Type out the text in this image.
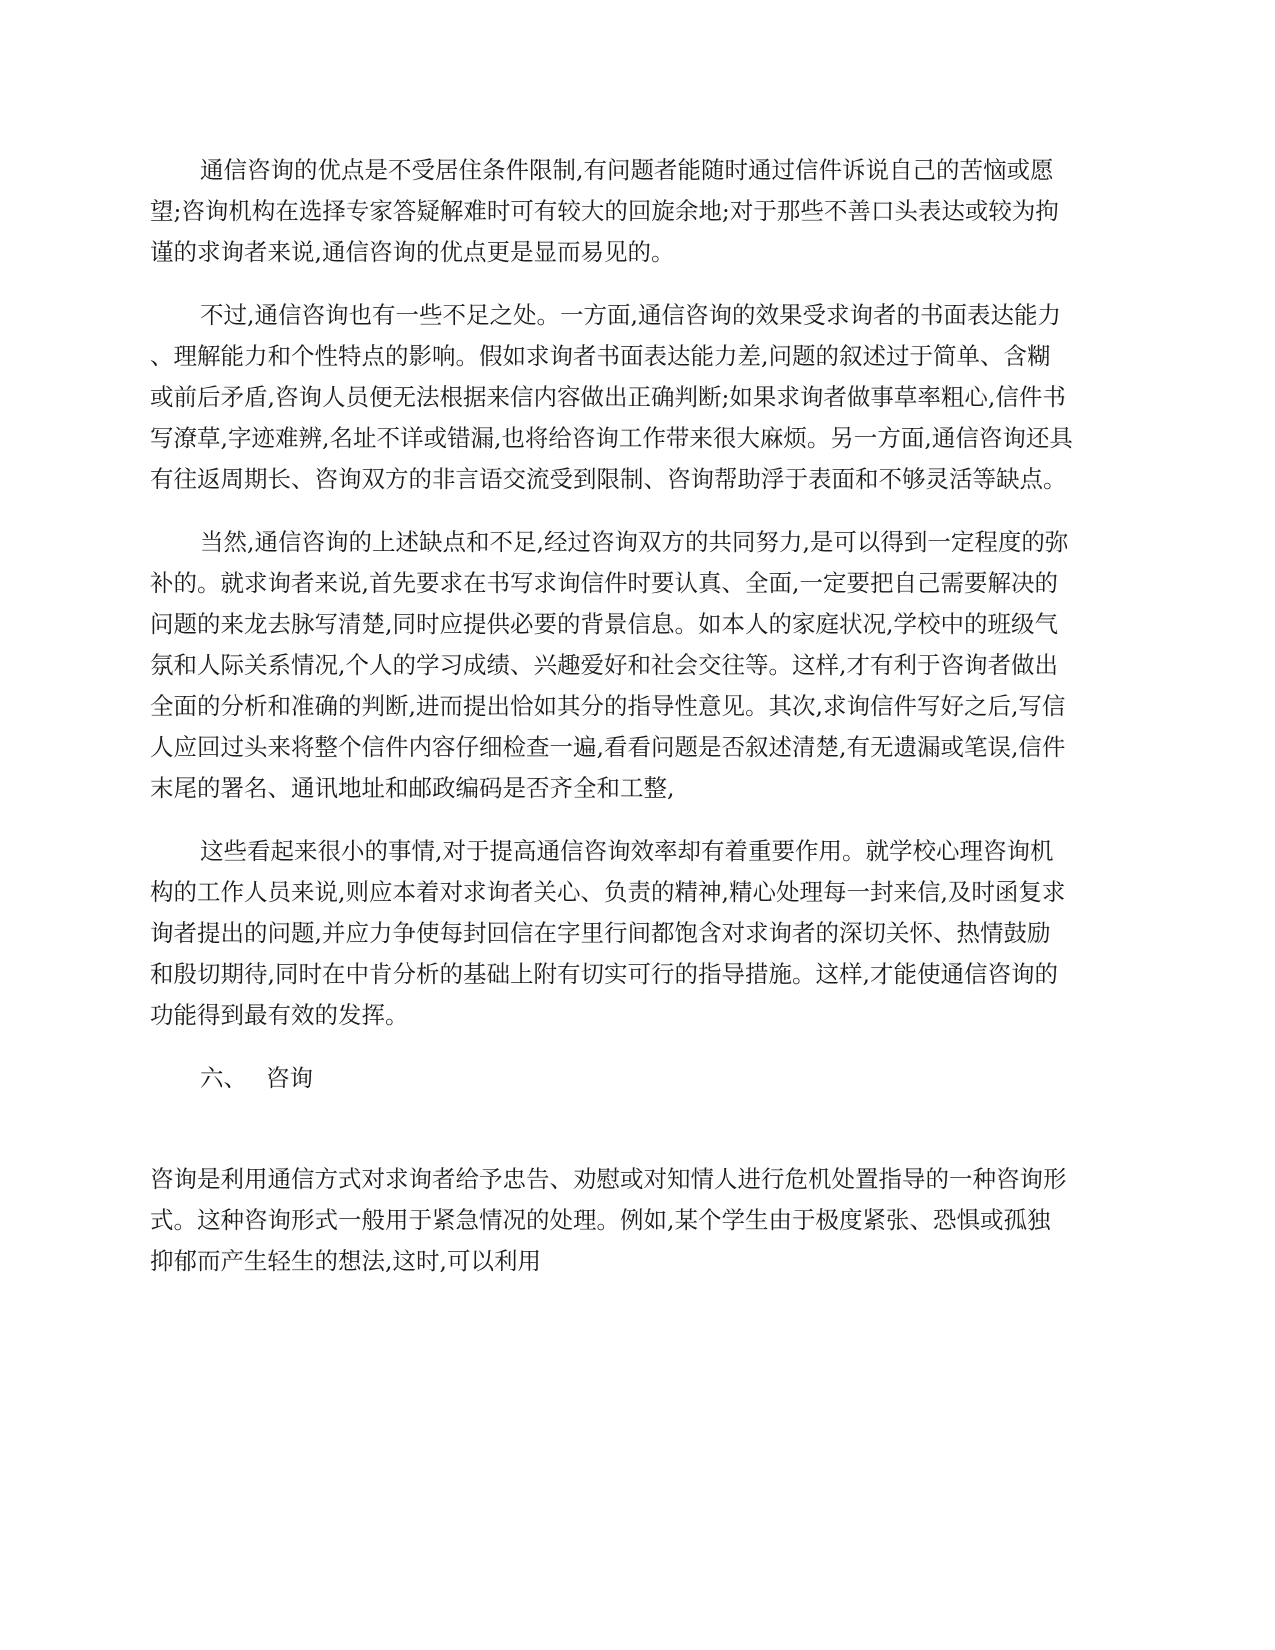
通信咨询的优点是不受居住条件限制,有问题者能随时通过信件诉说自己的苦恼或愿
望;咨询机构在选择专家答疑解难时可有较大的回旋余地;对于那些不善口头表达或较为拘
谨的求询者来说,通信咨询的优点更是显而易见的。

不过,通信咨询也有一些不足之处。一方面,通信咨询的效果受求询者的书面表达能力
、理解能力和个性特点的影响。假如求询者书面表达能力差,问题的叙述过于简单、含糊
或前后矛盾,咨询人员便无法根据来信内容做出正确判断;如果求询者做事草率粗心,信件书
写潦草,字迹难辨,名址不详或错漏,也将给咨询工作带来很大麻烦。另一方面,通信咨询还具
有往返周期长、咨询双方的非言语交流受到限制、咨询帮助浮于表面和不够灵活等缺点。

当然,通信咨询的上述缺点和不足,经过咨询双方的共同努力,是可以得到一定程度的弥
补的。就求询者来说,首先要求在书写求询信件时要认真、全面,一定要把自己需要解决的
问题的来龙去脉写清楚,同时应提供必要的背景信息。如本人的家庭状况,学校中的班级气
氛和人际关系情况,个人的学习成绩、兴趣爱好和社会交往等。这样,才有利于咨询者做出
全面的分析和准确的判断,进而提出恰如其分的指导性意见。其次,求询信件写好之后,写信
人应回过头来将整个信件内容仔细检查一遍,看看问题是否叙述清楚,有无遗漏或笔误,信件
末尾的署名、通讯地址和邮政编码是否齐全和工整,

这些看起来很小的事情,对于提高通信咨询效率却有着重要作用。就学校心理咨询机
构的工作人员来说,则应本着对求询者关心、负责的精神,精心处理每一封来信,及时函复求
询者提出的问题,并应力争使每封回信在字里行间都饱含对求询者的深切关怀、热情鼓励
和殷切期待,同时在中肯分析的基础上附有切实可行的指导措施。这样,才能使通信咨询的
功能得到最有效的发挥。

六、 咨询

咨询是利用通信方式对求询者给予忠告、劝慰或对知情人进行危机处置指导的一种咨询形
式。这种咨询形式一般用于紧急情况的处理。例如,某个学生由于极度紧张、恐惧或孤独
抑郁而产生轻生的想法,这时,可以利用
